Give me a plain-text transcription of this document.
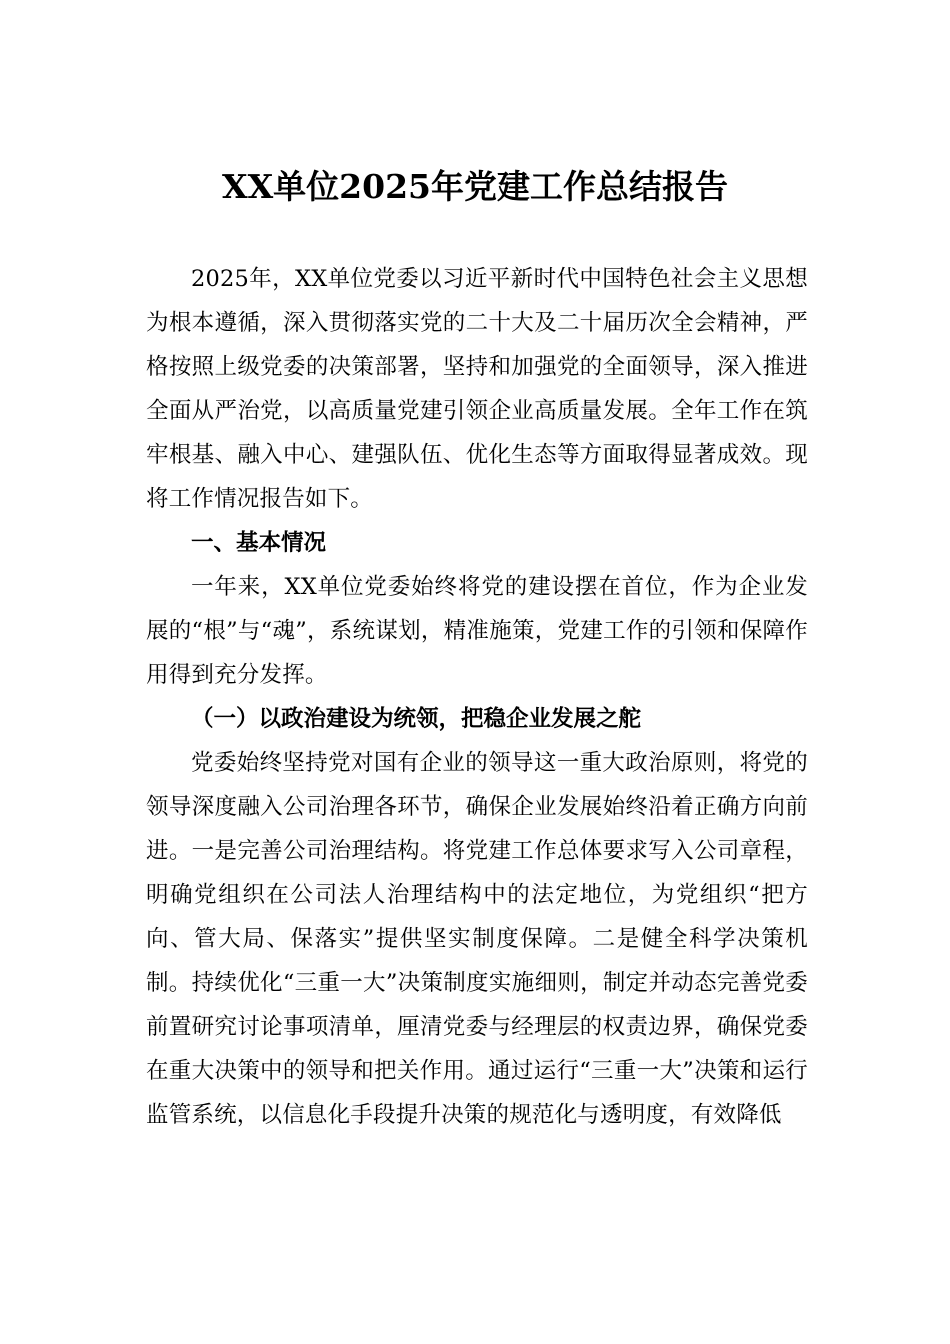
XX单位2025年党建工作总结报告

2025年，XX单位党委以习近平新时代中国特色社会主义思想为根本遵循，深入贯彻落实党的二十大及二十届历次全会精神，严格按照上级党委的决策部署，坚持和加强党的全面领导，深入推进全面从严治党，以高质量党建引领企业高质量发展。全年工作在筑牢根基、融入中心、建强队伍、优化生态等方面取得显著成效。现将工作情况报告如下。

一、基本情况

一年来，XX单位党委始终将党的建设摆在首位，作为企业发展的“根”与“魂”，系统谋划，精准施策，党建工作的引领和保障作用得到充分发挥。

（一）以政治建设为统领，把稳企业发展之舵

党委始终坚持党对国有企业的领导这一重大政治原则，将党的领导深度融入公司治理各环节，确保企业发展始终沿着正确方向前进。一是完善公司治理结构。将党建工作总体要求写入公司章程，明确党组织在公司法人治理结构中的法定地位，为党组织“把方向、管大局、保落实”提供坚实制度保障。二是健全科学决策机制。持续优化“三重一大”决策制度实施细则，制定并动态完善党委前置研究讨论事项清单，厘清党委与经理层的权责边界，确保党委在重大决策中的领导和把关作用。通过运行“三重一大”决策和运行监管系统，以信息化手段提升决策的规范化与透明度，有效降低
